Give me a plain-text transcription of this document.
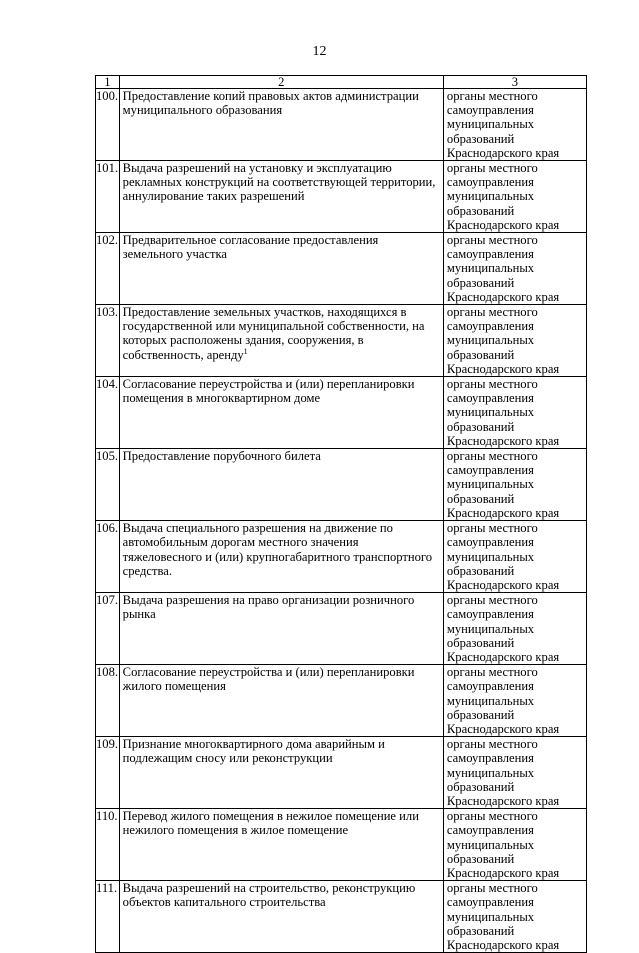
12
1	2	3
100.	Предоставление копий правовых актов администрации муниципального образования	органы местного самоуправления муниципальных образований Краснодарского края
101.	Выдача разрешений на установку и эксплуатацию рекламных конструкций на соответствующей территории, аннулирование таких разрешений	органы местного самоуправления муниципальных образований Краснодарского края
102.	Предварительное согласование предоставления земельного участка	органы местного самоуправления муниципальных образований Краснодарского края
103.	Предоставление земельных участков, находящихся в государственной или муниципальной собственности, на которых расположены здания, сооружения, в собственность, аренду$^1$	органы местного самоуправления муниципальных образований Краснодарского края
104.	Согласование переустройства и (или) перепланировки помещения в многоквартирном доме	органы местного самоуправления муниципальных образований Краснодарского края
105.	Предоставление порубочного билета	органы местного самоуправления муниципальных образований Краснодарского края
106.	Выдача специального разрешения на движение по автомобильным дорогам местного значения тяжеловесного и (или) крупногабаритного транспортного средства.	органы местного самоуправления муниципальных образований Краснодарского края
107.	Выдача разрешения на право организации розничного рынка	органы местного самоуправления муниципальных образований Краснодарского края
108.	Согласование переустройства и (или) перепланировки жилого помещения	органы местного самоуправления муниципальных образований Краснодарского края
109.	Признание многоквартирного дома аварийным и подлежащим сносу или реконструкции	органы местного самоуправления муниципальных образований Краснодарского края
110.	Перевод жилого помещения в нежилое помещение или нежилого помещения в жилое помещение	органы местного самоуправления муниципальных образований Краснодарского края
111.	Выдача разрешений на строительство, реконструкцию объектов капитального строительства	органы местного самоуправления муниципальных образований Краснодарского края
